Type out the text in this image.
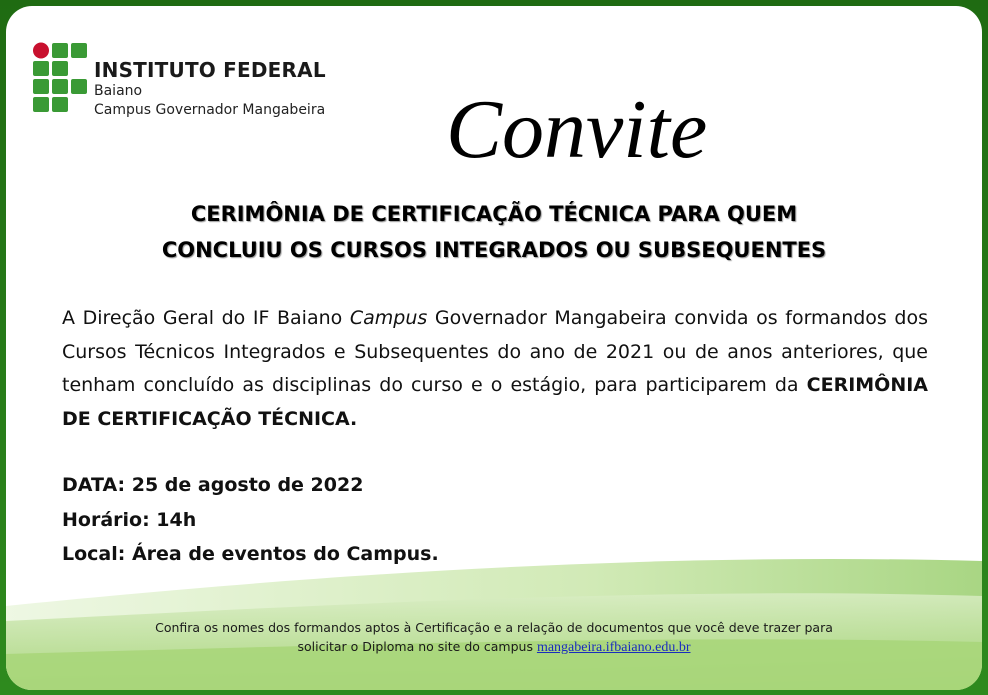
INSTITUTO FEDERAL
Baiano
Campus Governador Mangabeira Convite
CERIMÔNIA DE CERTIFICAÇÃO TÉCNICA PARA QUEM
CONCLUIU OS CURSOS INTEGRADOS OU SUBSEQUENTES
A Direção Geral do IF Baiano Campus Governador Mangabeira convida os formandos dos Cursos Técnicos Integrados e Subsequentes do ano de 2021 ou de anos anteriores, que tenham concluído as disciplinas do curso e o estágio, para participarem da CERIMÔNIA DE CERTIFICAÇÃO TÉCNICA.
DATA: 25 de agosto de 2022
Horário: 14h
Local: Área de eventos do Campus.
Confira os nomes dos formandos aptos à Certificação e a relação de documentos que você deve trazer para
solicitar o Diploma no site do campus mangabeira.ifbaiano.edu.br
